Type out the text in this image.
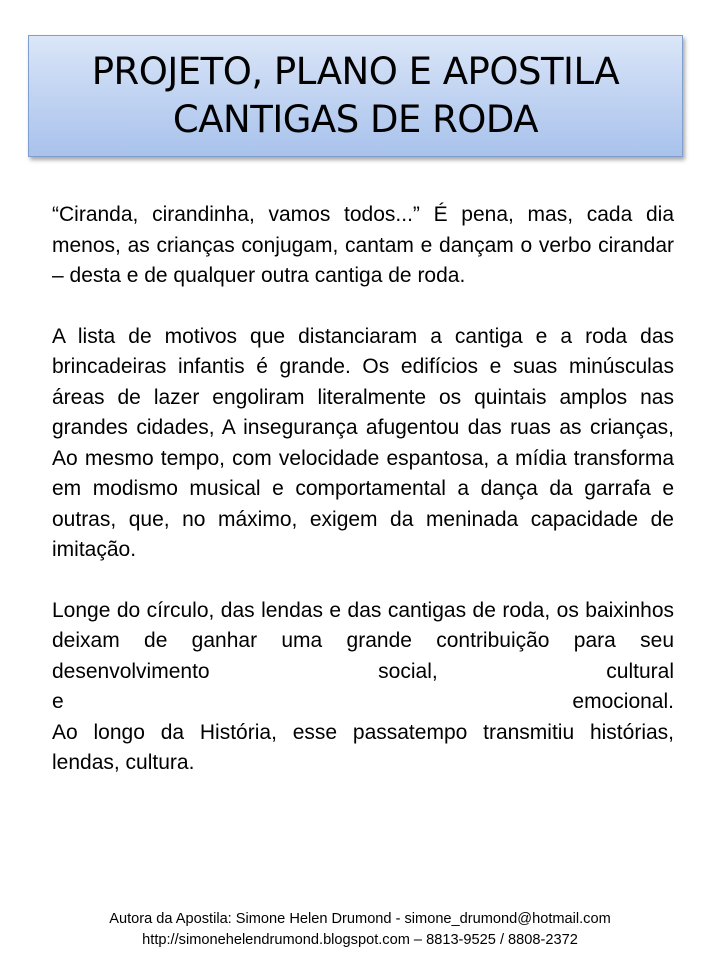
PROJETO, PLANO E APOSTILA
CANTIGAS DE RODA

“Ciranda, cirandinha, vamos todos...” É pena, mas, cada dia menos, as crianças conjugam, cantam e dançam o verbo cirandar – desta e de qualquer outra cantiga de roda.

A lista de motivos que distanciaram a cantiga e a roda das brincadeiras infantis é grande. Os edifícios e suas minúsculas áreas de lazer engoliram literalmente os quintais amplos nas grandes cidades, A insegurança afugentou das ruas as crianças, Ao mesmo tempo, com velocidade espantosa, a mídia transforma em modismo musical e comportamental a dança da garrafa e outras, que, no máximo, exigem da meninada capacidade de imitação.

Longe do círculo, das lendas e das cantigas de roda, os baixinhos deixam de ganhar uma grande contribuição para seu desenvolvimento social, cultural

e emocional.

Ao longo da História, esse passatempo transmitiu histórias, lendas, cultura.

Autora da Apostila: Simone Helen Drumond - simone_drumond@hotmail.com
http://simonehelendrumond.blogspot.com – 8813-9525 / 8808-2372
